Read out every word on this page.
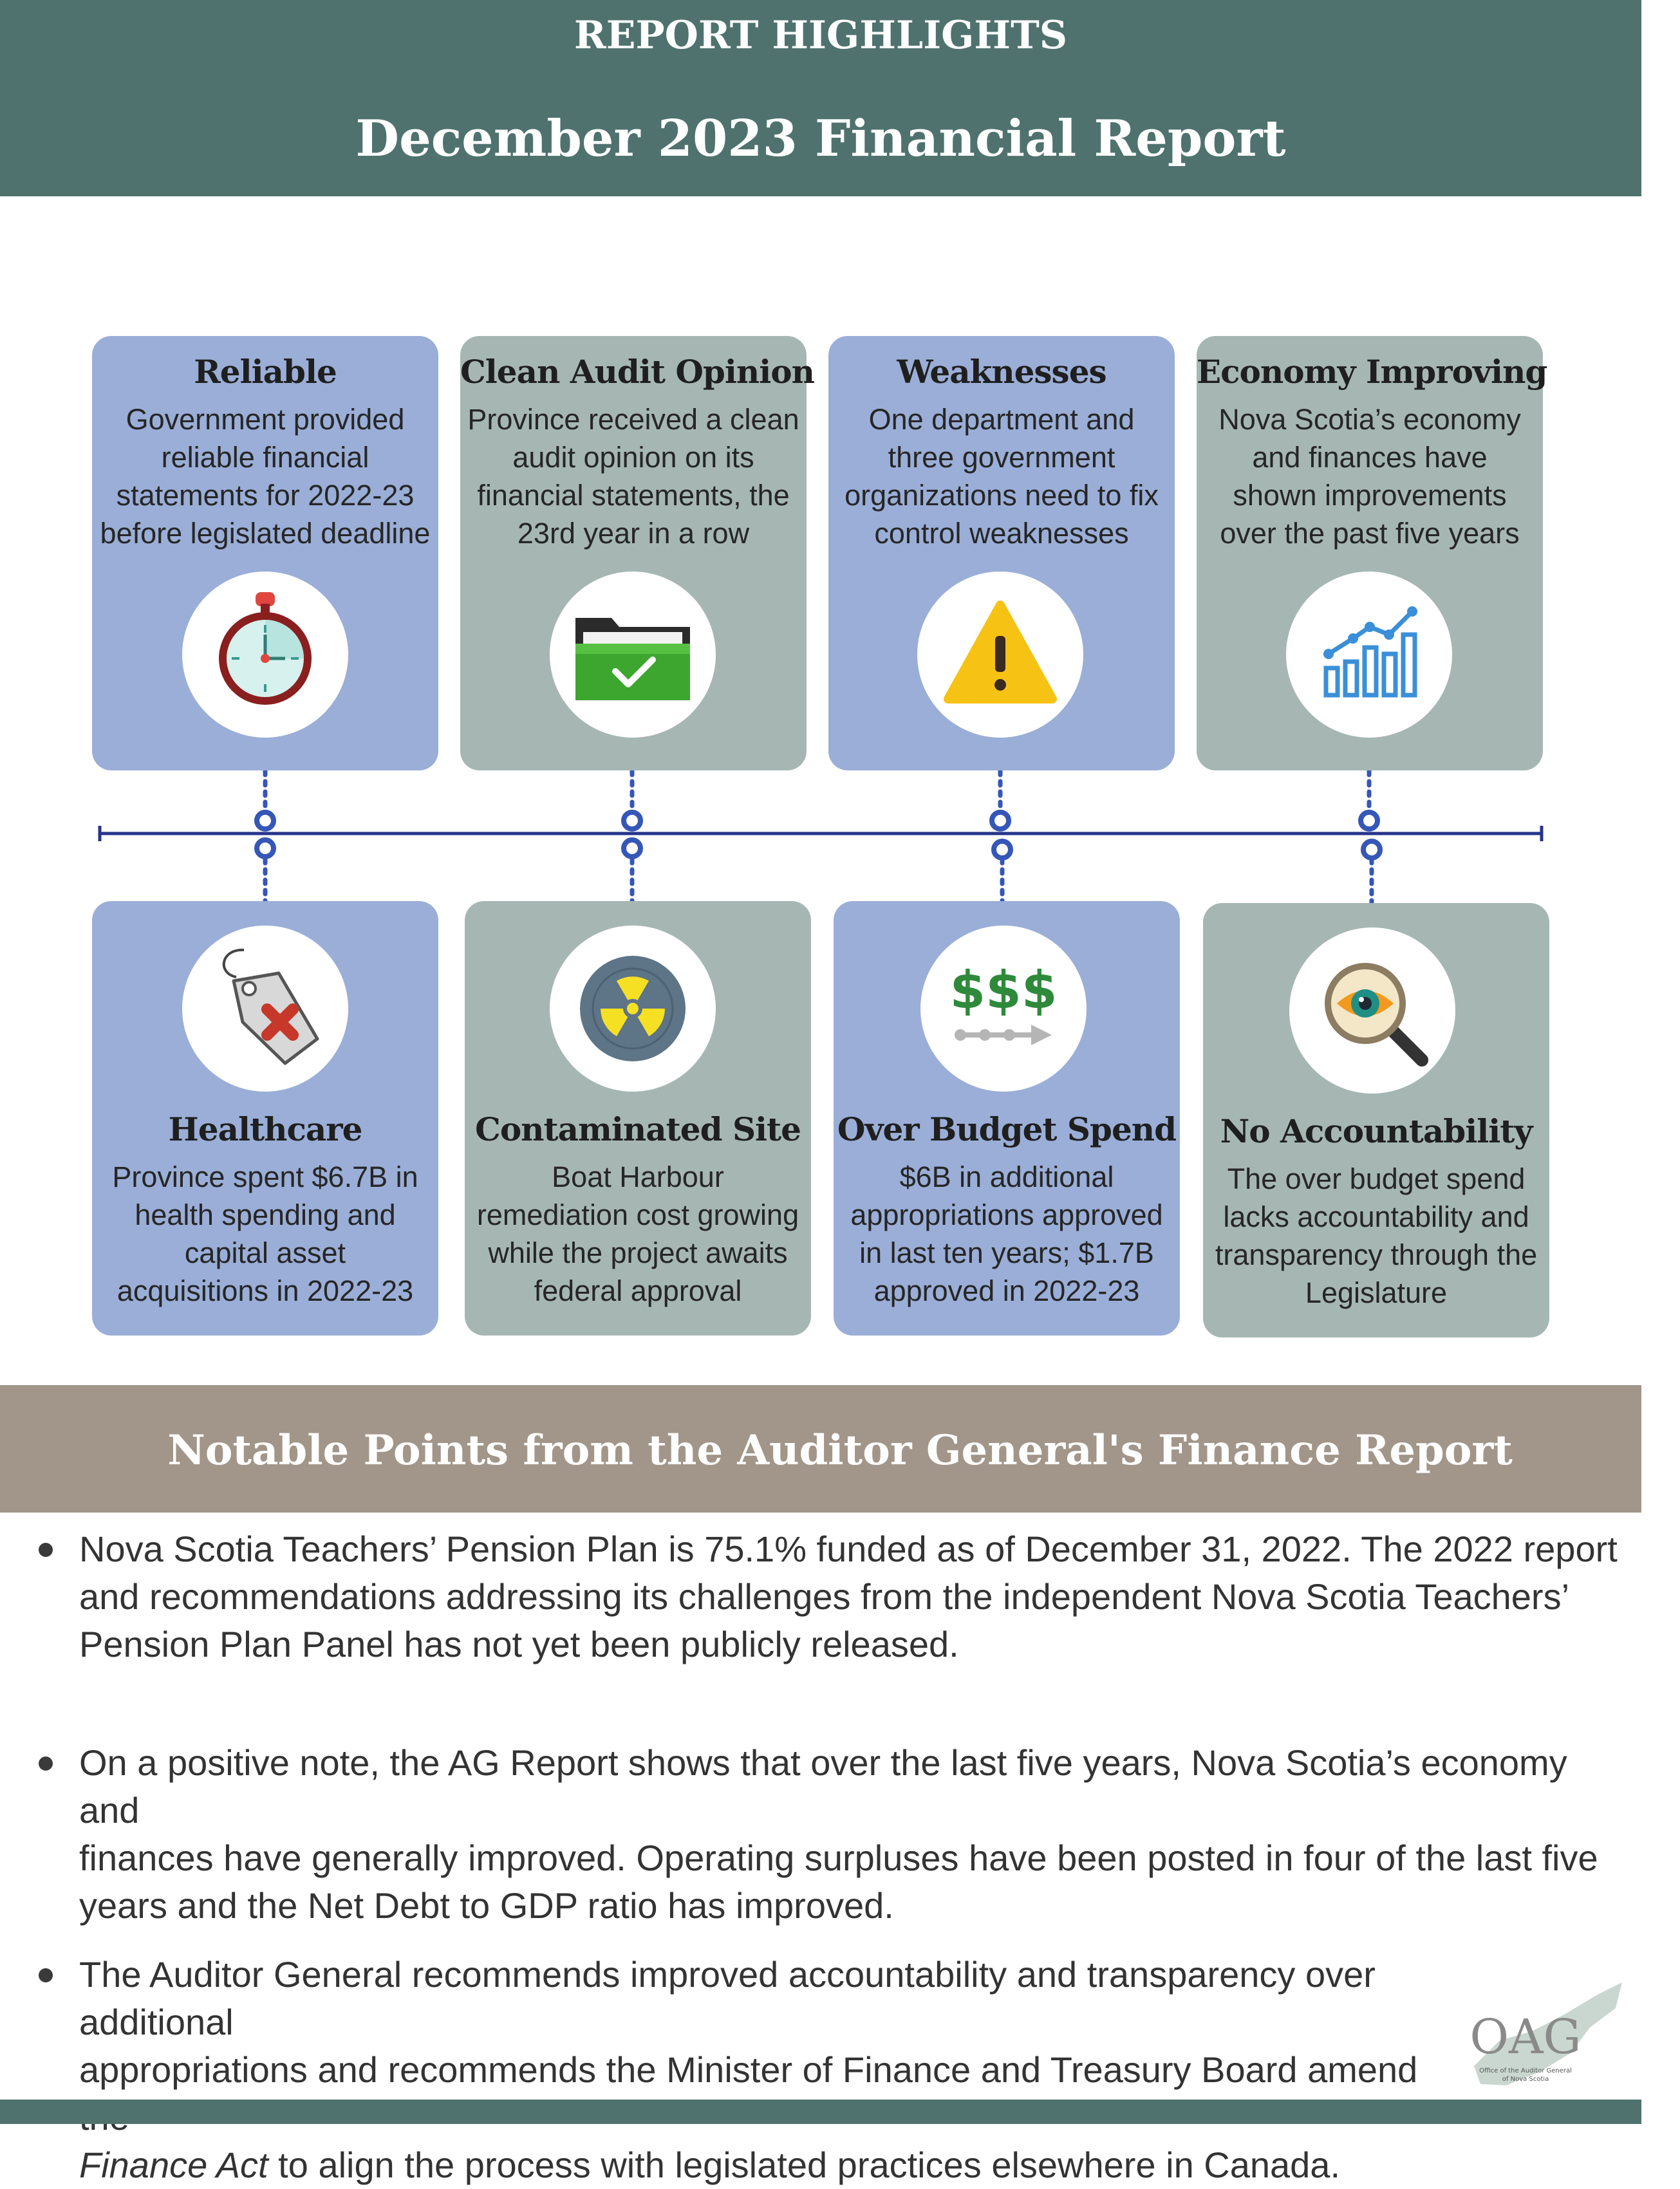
REPORT HIGHLIGHTS
December 2023 Financial Report
Reliable
Government provided
reliable financial
statements for 2022-23
before legislated deadline
Clean Audit Opinion
Province received a clean
audit opinion on its
financial statements, the
23rd year in a row
Weaknesses
One department and
three government
organizations need to fix
control weaknesses
Economy Improving
Nova Scotia’s economy
and finances have
shown improvements
over the past five years
Healthcare
Province spent $6.7B in
health spending and
capital asset
acquisitions in 2022-23
Contaminated Site
Boat Harbour
remediation cost growing
while the project awaits
federal approval
$$$
Over Budget Spend
$6B in additional
appropriations approved
in last ten years; $1.7B
approved in 2022-23
No Accountability
The over budget spend
lacks accountability and
transparency through the
Legislature
Notable Points from the Auditor General's Finance Report
Nova Scotia Teachers’ Pension Plan is 75.1% funded as of December 31, 2022. The 2022 report
and recommendations addressing its challenges from the independent Nova Scotia Teachers’
Pension Plan Panel has not yet been publicly released.
On a positive note, the AG Report shows that over the last five years, Nova Scotia’s economy and
finances have generally improved. Operating surpluses have been posted in four of the last five
years and the Net Debt to GDP ratio has improved.
The Auditor General recommends improved accountability and transparency over additional
appropriations and recommends the Minister of Finance and Treasury Board amend
Finance Act to align the process with legislated practices elsewhere in Canada.
OAG
Office of the Auditor General
of Nova Scotia
